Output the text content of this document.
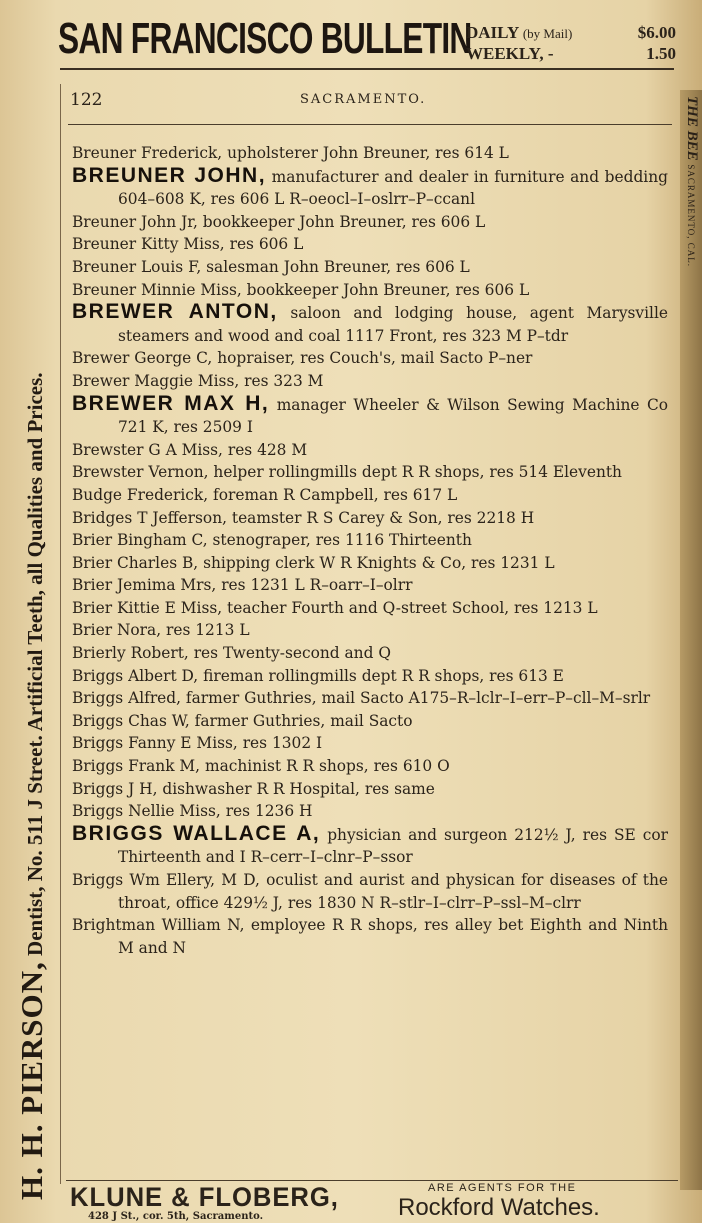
SAN FRANCISCO BULLETIN
DAILY (by Mail)	$6.00
WEEKLY, -	1.50
122	SACRAMENTO.
H. H. PIERSON, Dentist, No. 511 J Street. Artificial Teeth, all Qualities and Prices.
THE BEE SACRAMENTO, CAL.
Breuner Frederick, upholsterer John Breuner, res 614 L
BREUNER JOHN, manufacturer and dealer in furniture and bedding 604–608 K, res 606 L R–oeocl–I–oslrr–P–ccanl
Breuner John Jr, bookkeeper John Breuner, res 606 L
Breuner Kitty Miss, res 606 L
Breuner Louis F, salesman John Breuner, res 606 L
Breuner Minnie Miss, bookkeeper John Breuner, res 606 L
BREWER ANTON, saloon and lodging house, agent Marysville steamers and wood and coal 1117 Front, res 323 M P–tdr
Brewer George C, hopraiser, res Couch's, mail Sacto P–ner
Brewer Maggie Miss, res 323 M
BREWER MAX H, manager Wheeler & Wilson Sewing Machine Co 721 K, res 2509 I
Brewster G A Miss, res 428 M
Brewster Vernon, helper rollingmills dept R R shops, res 514 Eleventh
Budge Frederick, foreman R Campbell, res 617 L
Bridges T Jefferson, teamster R S Carey & Son, res 2218 H
Brier Bingham C, stenograper, res 1116 Thirteenth
Brier Charles B, shipping clerk W R Knights & Co, res 1231 L
Brier Jemima Mrs, res 1231 L R–oarr–I–olrr
Brier Kittie E Miss, teacher Fourth and Q-street School, res 1213 L
Brier Nora, res 1213 L
Brierly Robert, res Twenty-second and Q
Briggs Albert D, fireman rollingmills dept R R shops, res 613 E
Briggs Alfred, farmer Guthries, mail Sacto A175–R–lclr–I–err–P–cll–M–srlr
Briggs Chas W, farmer Guthries, mail Sacto
Briggs Fanny E Miss, res 1302 I
Briggs Frank M, machinist R R shops, res 610 O
Briggs J H, dishwasher R R Hospital, res same
Briggs Nellie Miss, res 1236 H
BRIGGS WALLACE A, physician and surgeon 212½ J, res SE cor Thirteenth and I R–cerr–I–clnr–P–ssor
Briggs Wm Ellery, M D, oculist and aurist and physican for diseases of the throat, office 429½ J, res 1830 N R–stlr–I–clrr–P–ssl–M–clrr
Brightman William N, employee R R shops, res alley bet Eighth and Ninth M and N
KLUNE & FLOBERG,
428 J St., cor. 5th, Sacramento.
ARE AGENTS FOR THE
Rockford Watches.
